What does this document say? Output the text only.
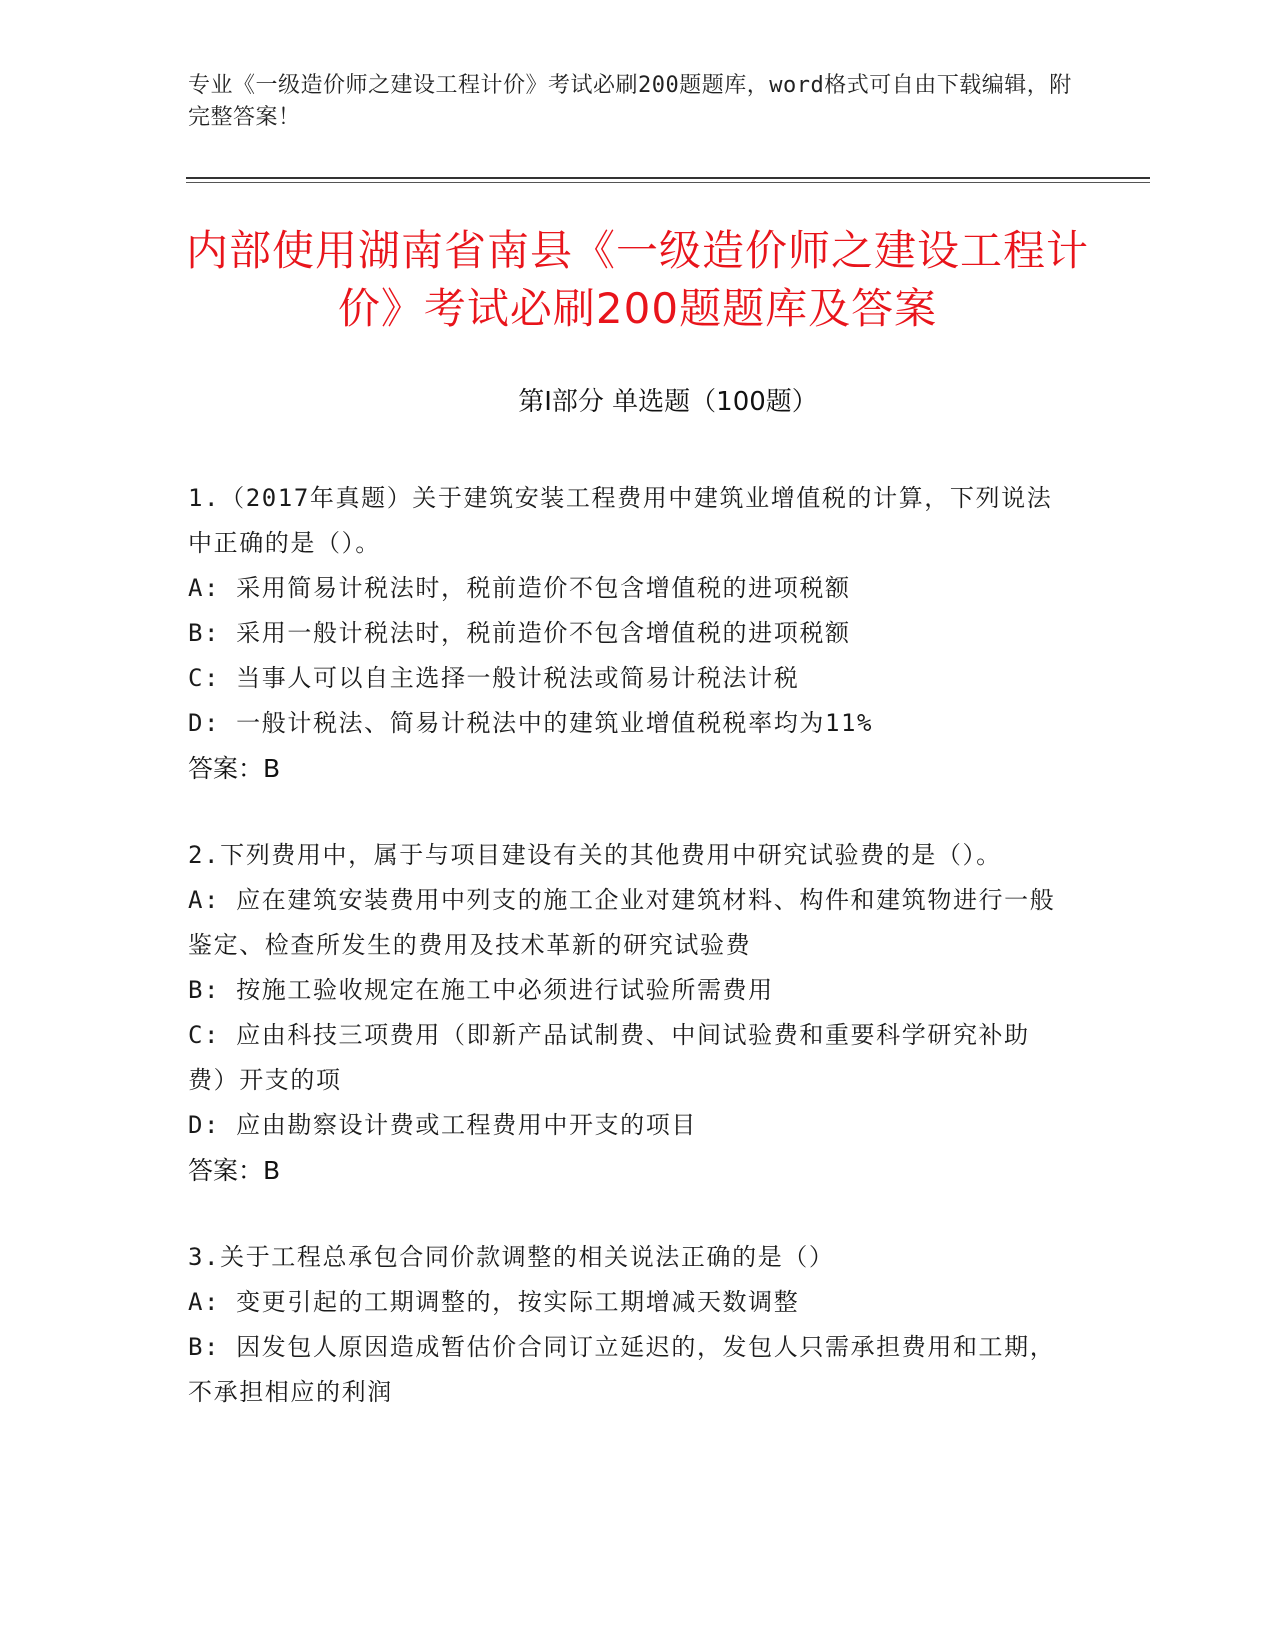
专业《一级造价师之建设工程计价》考试必刷200题题库，word格式可自由下载编辑，附完整答案！
内部使用湖南省南县《一级造价师之建设工程计价》考试必刷200题题库及答案
第Ⅰ部分 单选题（100题）

1.（2017年真题）关于建筑安装工程费用中建筑业增值税的计算，下列说法中正确的是（）。

A: 采用简易计税法时，税前造价不包含增值税的进项税额

B: 采用一般计税法时，税前造价不包含增值税的进项税额

C: 当事人可以自主选择一般计税法或简易计税法计税

D: 一般计税法、简易计税法中的建筑业增值税税率均为11%

答案：B

2.下列费用中，属于与项目建设有关的其他费用中研究试验费的是（）。

A: 应在建筑安装费用中列支的施工企业对建筑材料、构件和建筑物进行一般鉴定、检查所发生的费用及技术革新的研究试验费

B: 按施工验收规定在施工中必须进行试验所需费用

C: 应由科技三项费用（即新产品试制费、中间试验费和重要科学研究补助费）开支的项

D: 应由勘察设计费或工程费用中开支的项目

答案：B

3.关于工程总承包合同价款调整的相关说法正确的是（）

A: 变更引起的工期调整的，按实际工期增减天数调整

B: 因发包人原因造成暂估价合同订立延迟的，发包人只需承担费用和工期，不承担相应的利润
